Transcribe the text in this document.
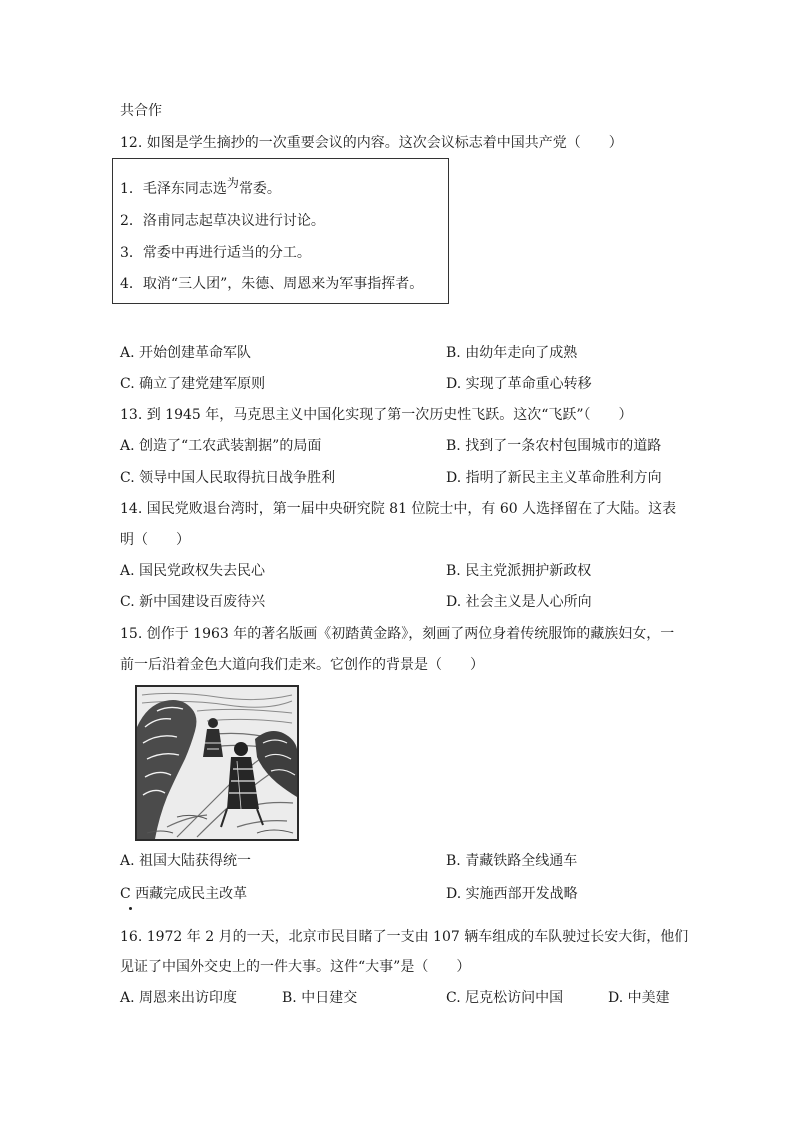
共合作
12. 如图是学生摘抄的一次重要会议的内容。这次会议标志着中国共产党（　　）
1．毛泽东同志选为常委。
2．洛甫同志起草决议进行讨论。
3．常委中再进行适当的分工。
4．取消“三人团”，朱德、周恩来为军事指挥者。
A. 开始创建革命军队	B. 由幼年走向了成熟
C. 确立了建党建军原则	D. 实现了革命重心转移
13. 到 1945 年，马克思主义中国化实现了第一次历史性飞跃。这次“飞跃”（　　）
A. 创造了“工农武装割据”的局面	B. 找到了一条农村包围城市的道路
C. 领导中国人民取得抗日战争胜利	D. 指明了新民主主义革命胜利方向
14. 国民党败退台湾时，第一届中央研究院 81 位院士中，有 60 人选择留在了大陆。这表
明（　　）
A. 国民党政权失去民心	B. 民主党派拥护新政权
C. 新中国建设百废待兴	D. 社会主义是人心所向
15. 创作于 1963 年的著名版画《初踏黄金路》，刻画了两位身着传统服饰的藏族妇女，一
前一后沿着金色大道向我们走来。它创作的背景是（　　）
A. 祖国大陆获得统一	B. 青藏铁路全线通车
C 西藏完成民主改革	D. 实施西部开发战略
16. 1972 年 2 月的一天，北京市民目睹了一支由 107 辆车组成的车队驶过长安大街，他们
见证了中国外交史上的一件大事。这件“大事”是（　　）
A. 周恩来出访印度	B. 中日建交	C. 尼克松访问中国	D. 中美建
